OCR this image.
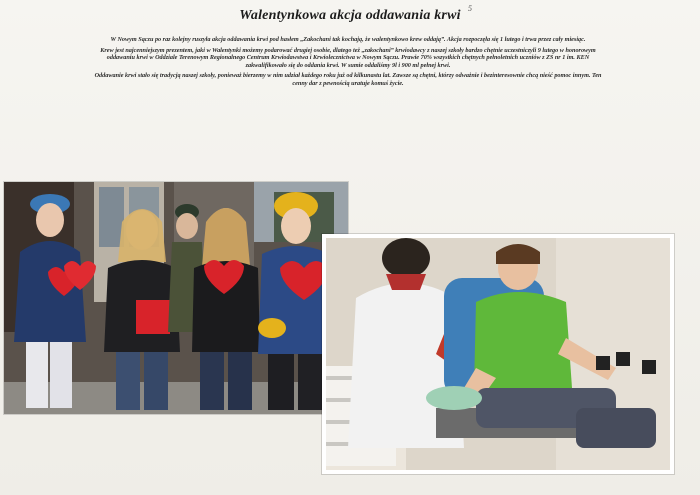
5
Walentynkowa akcja oddawania krwi

W Nowym Sączu po raz kolejny ruszyła akcja oddawania krwi pod hasłem „Zakochani tak kochają, że walentynkowo krew oddają”. Akcja rozpoczęła się 1 lutego i trwa przez cały miesiąc.

Krew jest najcenniejszym prezentem, jaki w Walentynki możemy podarować drugiej osobie, dlatego też „zakochani” krwiodawcy z naszej szkoły bardzo chętnie uczestniczyli 9 lutego w honorowym oddawaniu krwi w Oddziale Terenowym Regionalnego Centrum Krwiodawstwa i Krwiolecznictwa w Nowym Sączu. Prawie 70% wszystkich chętnych pełnoletnich uczniów z ZS nr 1 im. KEN zakwalifikowało się do oddania krwi. W sumie oddaliśmy 9l i 900 ml pełnej krwi.

Oddawanie krwi stało się tradycją naszej szkoły, ponieważ bierzemy w nim udział każdego roku już od kilkunastu lat. Zawsze są chętni, którzy odważnie i bezinteresownie chcą nieść pomoc innym. Ten cenny dar z pewnością uratuje komuś życie.
